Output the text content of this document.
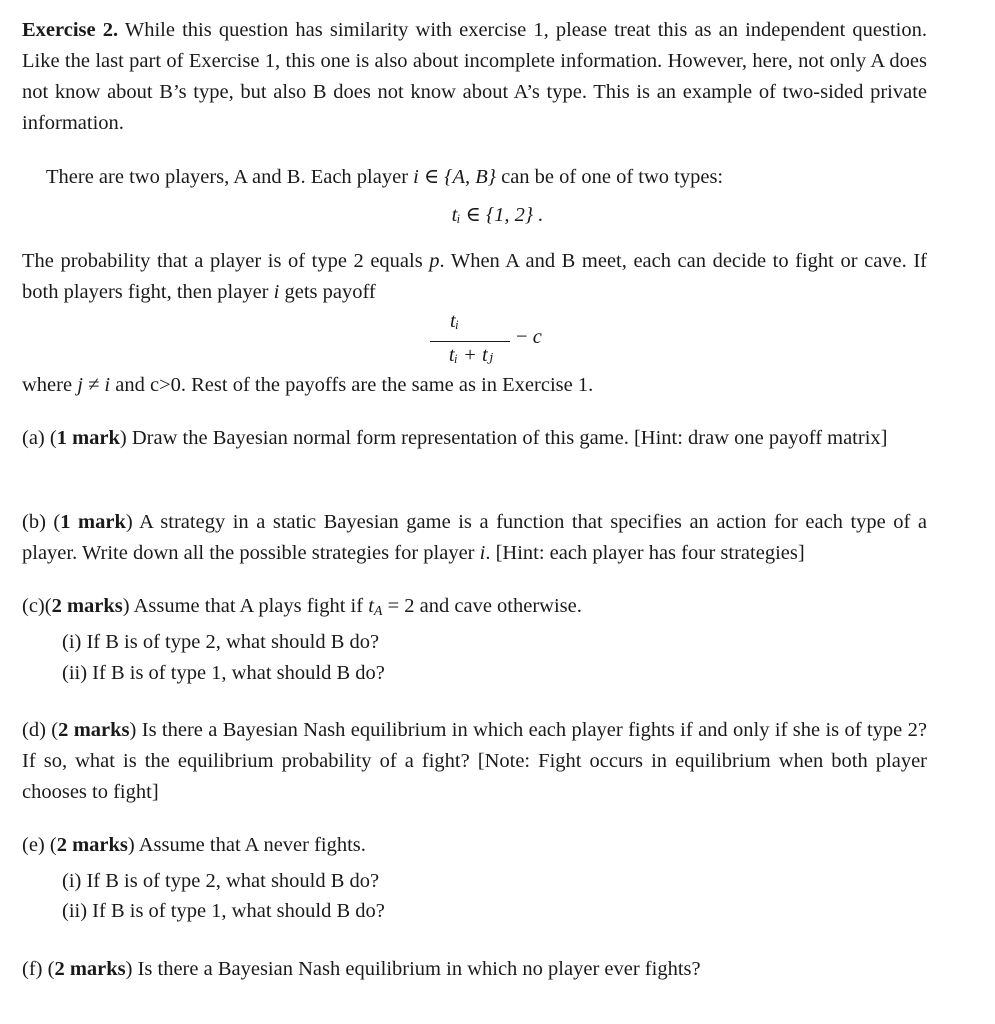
Exercise 2. While this question has similarity with exercise 1, please treat this as an independent question. Like the last part of Exercise 1, this one is also about incomplete information. However, here, not only A does not know about B’s type, but also B does not know about A’s type. This is an example of two-sided private information.

There are two players, A and B. Each player i ∈ {A, B} can be of one of two types:

tᵢ ∈ {1, 2} .

The probability that a player is of type 2 equals p. When A and B meet, each can decide to fight or cave. If both players fight, then player i gets payoff

tᵢ
tᵢ + tⱼ
− c

where j ≠ i and c>0. Rest of the payoffs are the same as in Exercise 1.

(a) (1 mark) Draw the Bayesian normal form representation of this game. [Hint: draw one payoff matrix]

(b) (1 mark) A strategy in a static Bayesian game is a function that specifies an action for each type of a player. Write down all the possible strategies for player i. [Hint: each player has four strategies]

(c)(2 marks) Assume that A plays fight if $t_A = 2$ and cave otherwise.

(i) If B is of type 2, what should B do?

(ii) If B is of type 1, what should B do?

(d) (2 marks) Is there a Bayesian Nash equilibrium in which each player fights if and only if she is of type 2? If so, what is the equilibrium probability of a fight? [Note: Fight occurs in equilibrium when both player chooses to fight]

(e) (2 marks) Assume that A never fights.

(i) If B is of type 2, what should B do?

(ii) If B is of type 1, what should B do?

(f) (2 marks) Is there a Bayesian Nash equilibrium in which no player ever fights?
